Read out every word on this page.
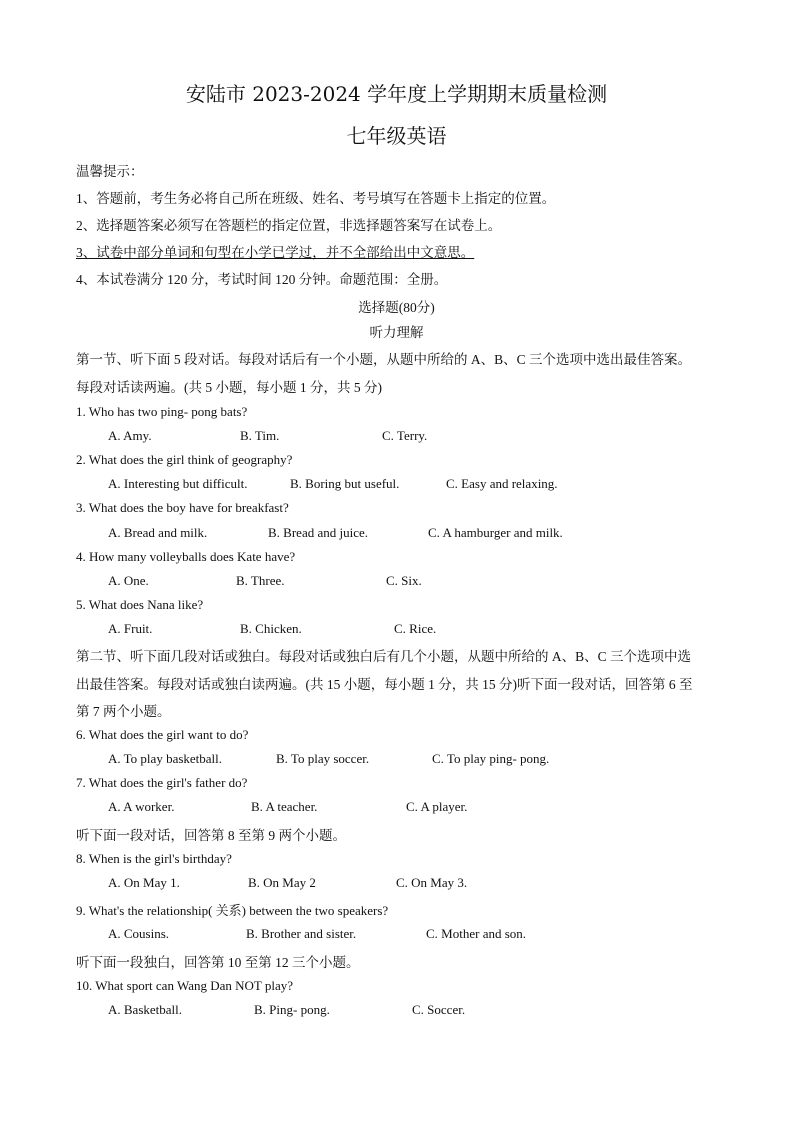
安陆市 2023-2024 学年度上学期期末质量检测
七年级英语
温馨提示：
1、答题前，考生务必将自己所在班级、姓名、考号填写在答题卡上指定的位置。
2、选择题答案必须写在答题栏的指定位置，非选择题答案写在试卷上。
3、试卷中部分单词和句型在小学已学过，并不全部给出中文意思。
4、本试卷满分 120 分，考试时间 120 分钟。命题范围：全册。
选择题(80分)
听力理解
第一节、听下面 5 段对话。每段对话后有一个小题，从题中所给的 A、B、C 三个选项中选出最佳答案。
每段对话读两遍。(共 5 小题，每小题 1 分，共 5 分)
1. Who has two ping- pong bats?
A. Amy.	B. Tim.	C. Terry.
2. What does the girl think of geography?
A. Interesting but difficult.	B. Boring but useful.	C. Easy and relaxing.
3. What does the boy have for breakfast?
A. Bread and milk.	B. Bread and juice.	C. A hamburger and milk.
4. How many volleyballs does Kate have?
A. One.	B. Three.	C. Six.
5. What does Nana like?
A. Fruit.	B. Chicken.	C. Rice.
第二节、听下面几段对话或独白。每段对话或独白后有几个小题，从题中所给的 A、B、C 三个选项中选
出最佳答案。每段对话或独白读两遍。(共 15 小题，每小题 1 分，共 15 分)听下面一段对话，回答第 6 至
第 7 两个小题。
6. What does the girl want to do?
A. To play basketball.	B. To play soccer.	C. To play ping- pong.
7. What does the girl's father do?
A. A worker.	B. A teacher.	C. A player.
听下面一段对话，回答第 8 至第 9 两个小题。
8. When is the girl's birthday?
A. On May 1.	B. On May 2	C. On May 3.
9. What's the relationship( 关系) between the two speakers?
A. Cousins.	B. Brother and sister.	C. Mother and son.
听下面一段独白，回答第 10 至第 12 三个小题。
10. What sport can Wang Dan NOT play?
A. Basketball.	B. Ping- pong.	C. Soccer.
